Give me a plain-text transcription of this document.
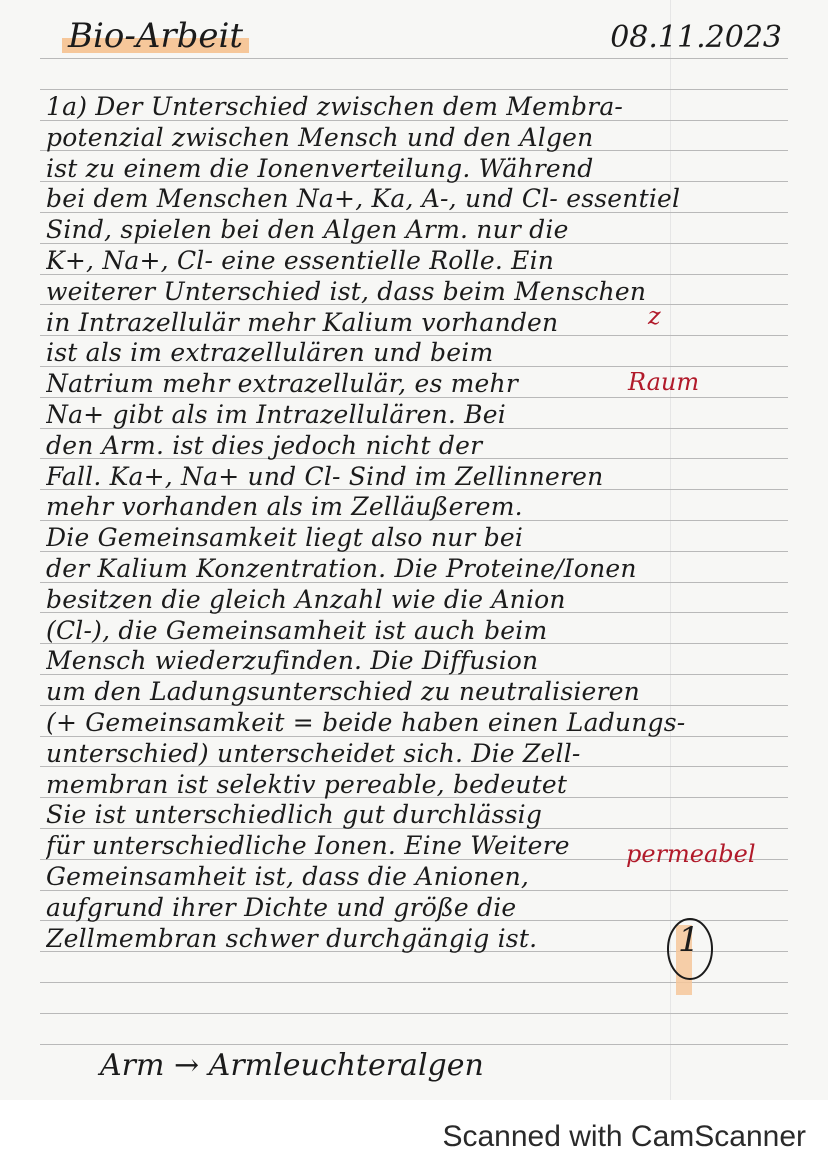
Bio-Arbeit	08.11.2023
1a) Der Unterschied zwischen dem Membra-
potenzial zwischen Mensch und den Algen
ist zu einem die Ionenverteilung. Während
bei dem Menschen Na+, Ka, A-, und Cl- essentiel
Sind, spielen bei den Algen Arm. nur die
K+, Na+, Cl- eine essentielle Rolle. Ein
weiterer Unterschied ist, dass beim Menschen
in Intrazellulär mehr Kalium vorhanden
ist als im extrazellulären und beim
Natrium mehr extrazellulär, es mehr
Na+ gibt als im Intrazellulären. Bei
den Arm. ist dies jedoch nicht der
Fall. Ka+, Na+ und Cl- Sind im Zellinneren
mehr vorhanden als im Zelläußerem.
Die Gemeinsamkeit liegt also nur bei
der Kalium Konzentration. Die Proteine/Ionen
besitzen die gleich Anzahl wie die Anion
(Cl-), die Gemeinsamheit ist auch beim
Mensch wiederzufinden. Die Diffusion
um den Ladungsunterschied zu neutralisieren
(+ Gemeinsamkeit = beide haben einen Ladungs-
unterschied) unterscheidet sich. Die Zell-
membran ist selektiv pereable, bedeutet
Sie ist unterschiedlich gut durchlässig
für unterschiedliche Ionen. Eine Weitere
Gemeinsamheit ist, dass die Anionen,
aufgrund ihrer Dichte und größe die
Zellmembran schwer durchgängig ist.
z
Raum
permeabel
1
Arm → Armleuchteralgen
Scanned with CamScanner
